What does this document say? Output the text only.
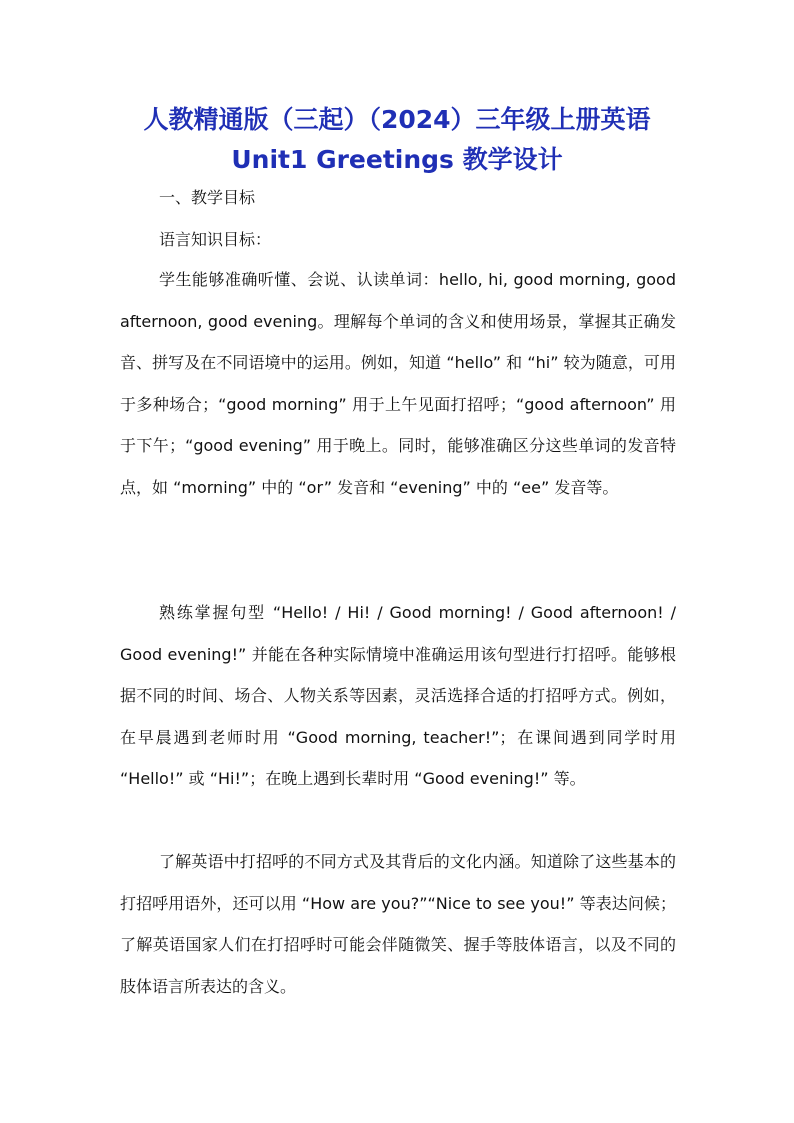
人教精通版（三起）（2024）三年级上册英语
Unit1 Greetings 教学设计
一、教学目标
语言知识目标：

学生能够准确听懂、会说、认读单词：hello, hi, good morning, good afternoon, good evening。理解每个单词的含义和使用场景，掌握其正确发音、拼写及在不同语境中的运用。例如，知道 “hello” 和 “hi” 较为随意，可用于多种场合；“good morning” 用于上午见面打招呼；“good afternoon” 用于下午；“good evening” 用于晚上。同时，能够准确区分这些单词的发音特点，如 “morning” 中的 “or” 发音和 “evening” 中的 “ee” 发音等。

熟练掌握句型 “Hello! / Hi! / Good morning! / Good afternoon! / Good evening!” 并能在各种实际情境中准确运用该句型进行打招呼。能够根据不同的时间、场合、人物关系等因素，灵活选择合适的打招呼方式。例如，在早晨遇到老师时用 “Good morning, teacher!”；在课间遇到同学时用 “Hello!” 或 “Hi!”；在晚上遇到长辈时用 “Good evening!” 等。

了解英语中打招呼的不同方式及其背后的文化内涵。知道除了这些基本的打招呼用语外，还可以用 “How are you?”“Nice to see you!” 等表达问候；了解英语国家人们在打招呼时可能会伴随微笑、握手等肢体语言，以及不同的肢体语言所表达的含义。
